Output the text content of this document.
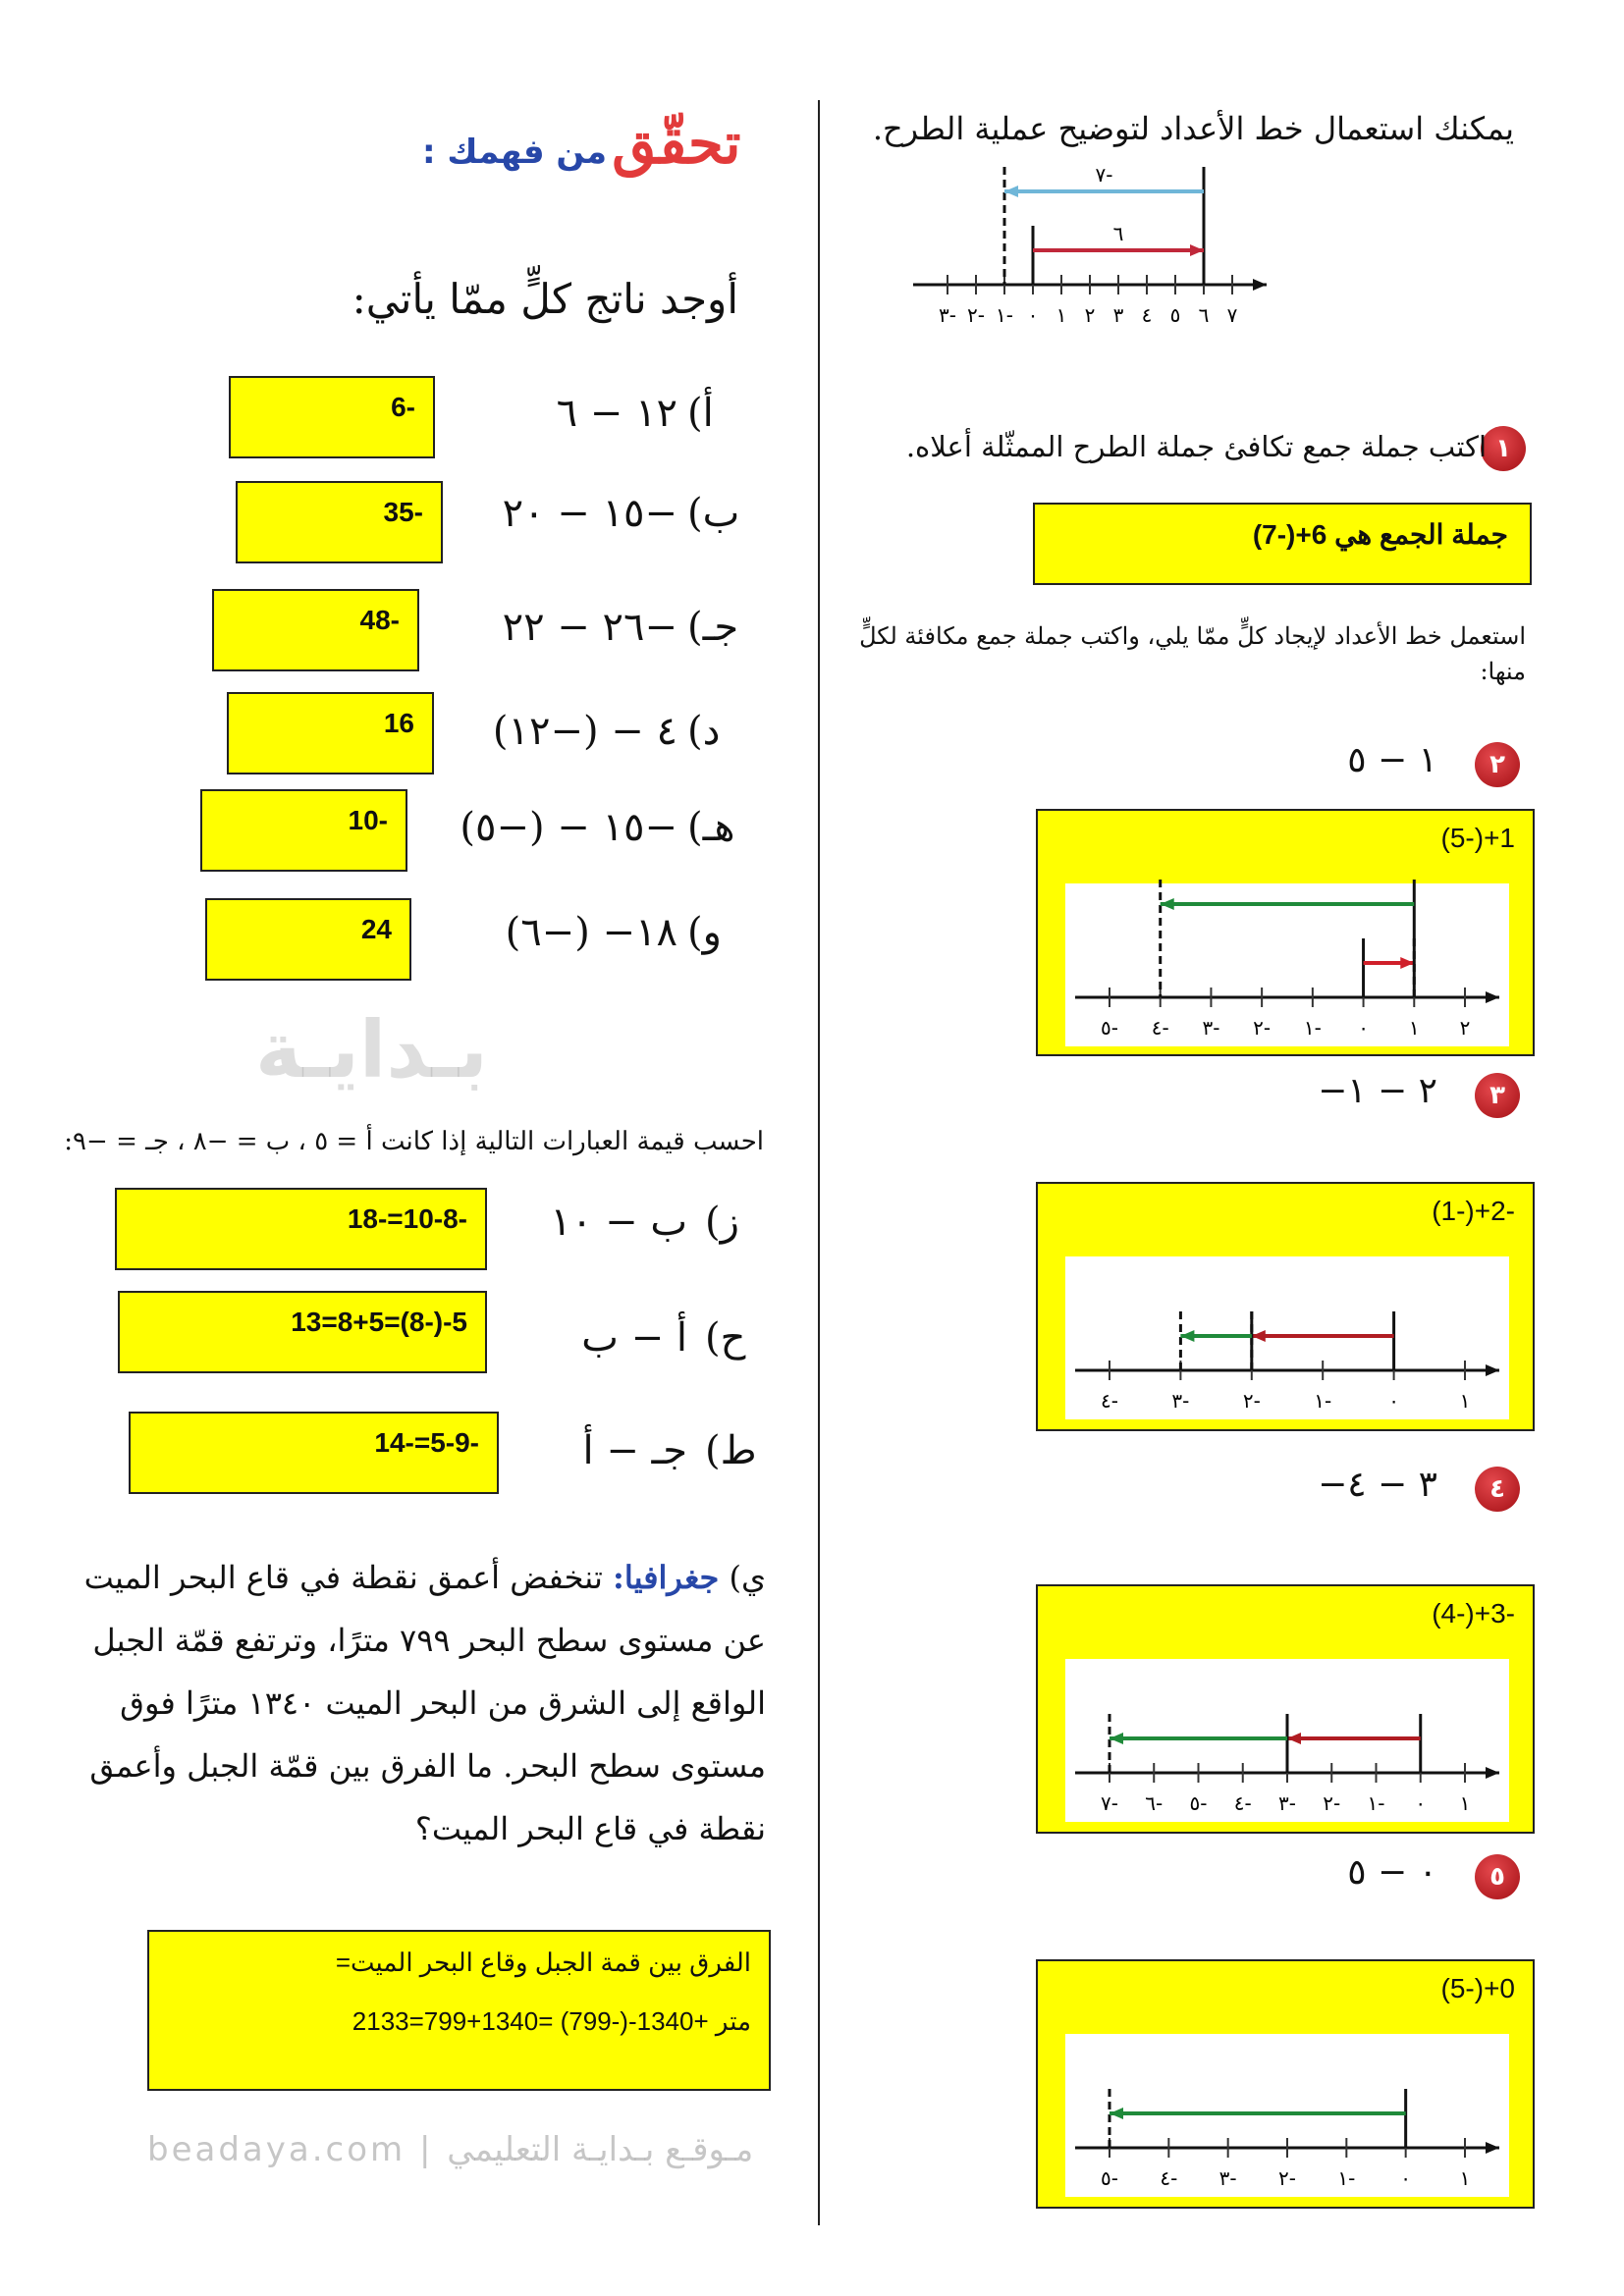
بـدايـة
beadaya.com | مـوقـع بـدايـة التعليمي
يمكنك استعمال خط الأعداد لتوضيح عملية الطرح.
٣- ٢- ١- ٠ ١ ٢ ٣ ٤ ٥ ٦ ٧
٧-
٦
١
اكتب جملة جمع تكافئ جملة الطرح الممثّلة أعلاه.
جملة الجمع هي 6+(-7)
استعمل خط الأعداد لإيجاد كلٍّ ممّا يلي، واكتب جملة جمع مكافئة لكلٍّ منها:
٢
١ − ٥
(5-)+1
٥- ٤- ٣- ٢- ١- ٠ ١ ٢
٣
−٢ − ١
(1-)+2-
٤-	٣-	٢-	١-	٠	١
٤
−٣ − ٤
(4-)+3-
٧- ٦- ٥- ٤- ٣- ٢- ١- ٠ ١
٥
٠ − ٥
(5-)+0
٥- ٤- ٣- ٢- ١- ٠ ١
تحقّق من فهمك :
أوجد ناتج كلٍّ ممّا يأتي:
أ)
١٢ − ٦
6-
ب)
١٥ − ٢٠−
35-
جـ)
٢٦ − ٢٢−
48-
د)
(١٢−) − ٤
16
هـ)
(٥−) − ١٥−
10-
و)
(٦−) −١٨
24
احسب قيمة العبارات التالية إذا كانت أ = ٥ ، ب = −٨ ، جـ = −٩:
ز)
ب − ١٠
18-=10-8-
ح)
أ − ب
13=8+5=(8-)-5
ط)
جـ − أ
14-=5-9-
ي) جغرافيا: تنخفض أعمق نقطة في قاع البحر الميت عن مستوى سطح البحر ٧٩٩ مترًا، وترتفع قمّة الجبل الواقع إلى الشرق من البحر الميت ١٣٤٠ مترًا فوق مستوى سطح البحر. ما الفرق بين قمّة الجبل وأعمق نقطة في قاع البحر الميت؟
الفرق بين قمة الجبل وقاع البحر الميت=
2133=799+1340= (799-)-1340+ متر
